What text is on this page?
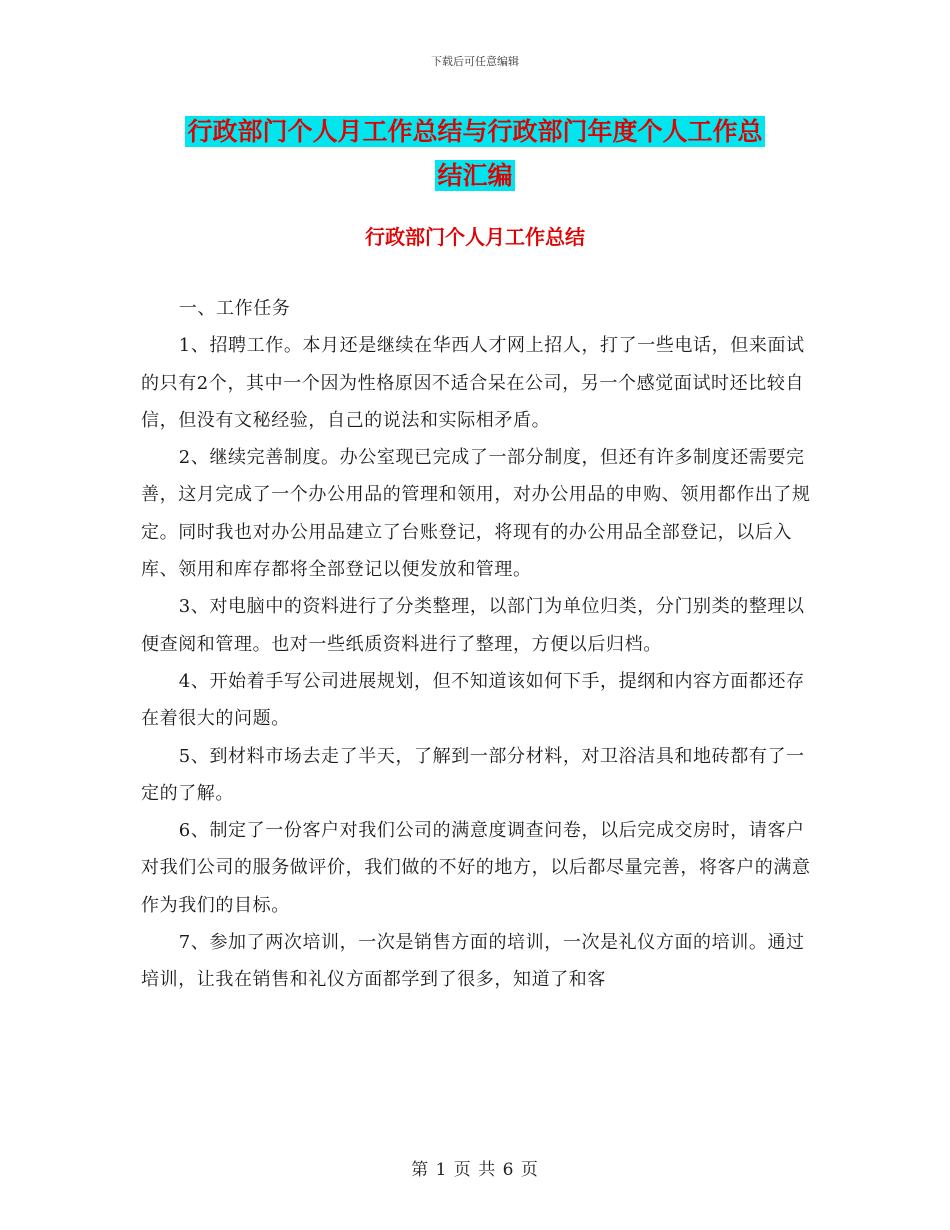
下载后可任意编辑
行政部门个人月工作总结与行政部门年度个人工作总
结汇编
行政部门个人月工作总结

一、工作任务

1、招聘工作。本月还是继续在华西人才网上招人，打了一些电话，但来面试的只有2个，其中一个因为性格原因不适合呆在公司，另一个感觉面试时还比较自信，但没有文秘经验，自己的说法和实际相矛盾。

2、继续完善制度。办公室现已完成了一部分制度，但还有许多制度还需要完善，这月完成了一个办公用品的管理和领用，对办公用品的申购、领用都作出了规定。同时我也对办公用品建立了台账登记，将现有的办公用品全部登记，以后入库、领用和库存都将全部登记以便发放和管理。

3、对电脑中的资料进行了分类整理，以部门为单位归类，分门别类的整理以便查阅和管理。也对一些纸质资料进行了整理，方便以后归档。

4、开始着手写公司进展规划，但不知道该如何下手，提纲和内容方面都还存在着很大的问题。

5、到材料市场去走了半天，了解到一部分材料，对卫浴洁具和地砖都有了一定的了解。

6、制定了一份客户对我们公司的满意度调查问卷，以后完成交房时，请客户对我们公司的服务做评价，我们做的不好的地方，以后都尽量完善，将客户的满意作为我们的目标。

7、参加了两次培训，一次是销售方面的培训，一次是礼仪方面的培训。通过培训，让我在销售和礼仪方面都学到了很多，知道了和客

第 1 页 共 6 页
